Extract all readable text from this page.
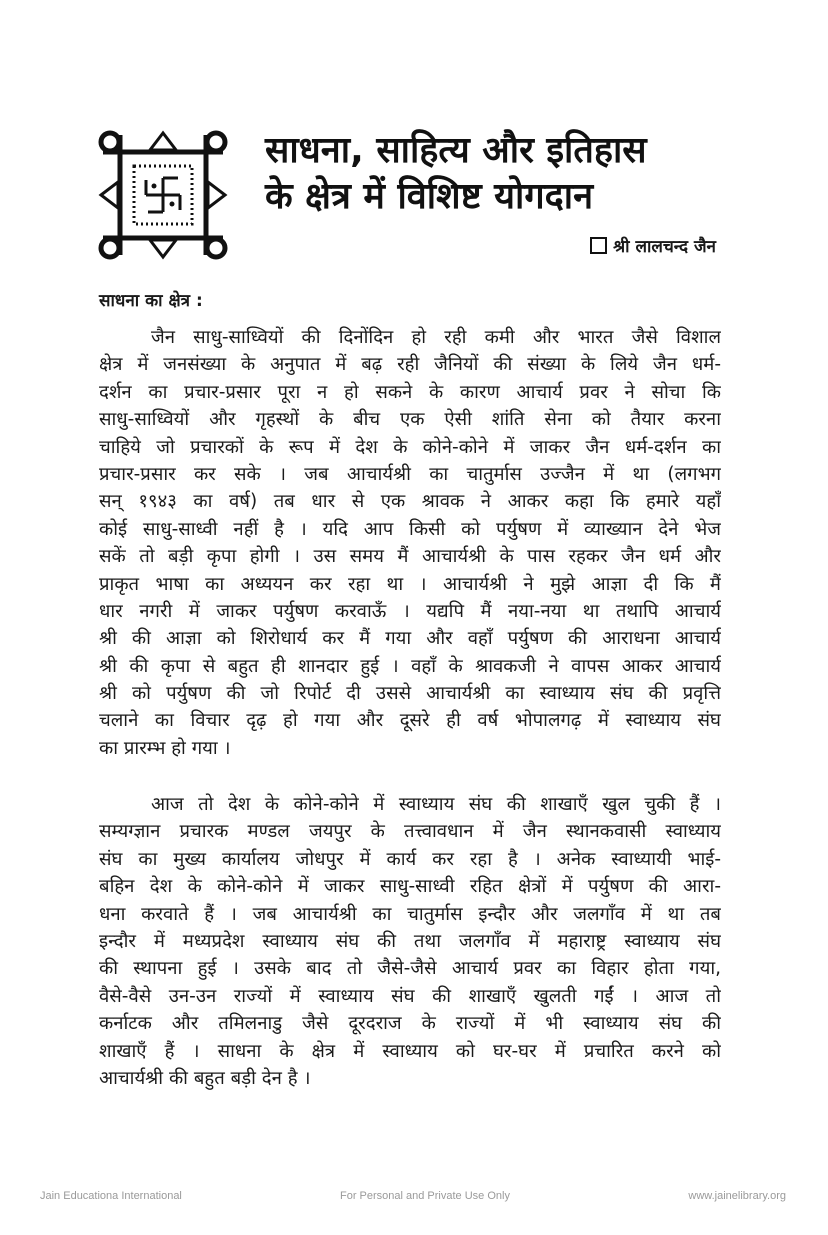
साधना, साहित्य और इतिहास
के क्षेत्र में विशिष्ट योगदान
श्री लालचन्द जैन
साधना का क्षेत्र :
जैन साधु-साध्वियों की दिनोंदिन हो रही कमी और भारत जैसे विशाल
क्षेत्र में जनसंख्या के अनुपात में बढ़ रही जैनियों की संख्या के लिये जैन धर्म-
दर्शन का प्रचार-प्रसार पूरा न हो सकने के कारण आचार्य प्रवर ने सोचा कि
साधु-साध्वियों और गृहस्थों के बीच एक ऐसी शांति सेना को तैयार करना
चाहिये जो प्रचारकों के रूप में देश के कोने-कोने में जाकर जैन धर्म-दर्शन का
प्रचार-प्रसार कर सके । जब आचार्यश्री का चातुर्मास उज्जैन में था (लगभग
सन् १९४३ का वर्ष) तब धार से एक श्रावक ने आकर कहा कि हमारे यहाँ
कोई साधु-साध्वी नहीं है । यदि आप किसी को पर्युषण में व्याख्यान देने भेज
सकें तो बड़ी कृपा होगी । उस समय मैं आचार्यश्री के पास रहकर जैन धर्म और
प्राकृत भाषा का अध्ययन कर रहा था । आचार्यश्री ने मुझे आज्ञा दी कि मैं
धार नगरी में जाकर पर्युषण करवाऊँ । यद्यपि मैं नया-नया था तथापि आचार्य
श्री की आज्ञा को शिरोधार्य कर मैं गया और वहाँ पर्युषण की आराधना आचार्य
श्री की कृपा से बहुत ही शानदार हुई । वहाँ के श्रावकजी ने वापस आकर आचार्य
श्री को पर्युषण की जो रिपोर्ट दी उससे आचार्यश्री का स्वाध्याय संघ की प्रवृत्ति
चलाने का विचार दृढ़ हो गया और दूसरे ही वर्ष भोपालगढ़ में स्वाध्याय संघ
का प्रारम्भ हो गया ।
आज तो देश के कोने-कोने में स्वाध्याय संघ की शाखाएँ खुल चुकी हैं ।
सम्यग्ज्ञान प्रचारक मण्डल जयपुर के तत्त्वावधान में जैन स्थानकवासी स्वाध्याय
संघ का मुख्य कार्यालय जोधपुर में कार्य कर रहा है । अनेक स्वाध्यायी भाई-
बहिन देश के कोने-कोने में जाकर साधु-साध्वी रहित क्षेत्रों में पर्युषण की आरा-
धना करवाते हैं । जब आचार्यश्री का चातुर्मास इन्दौर और जलगाँव में था तब
इन्दौर में मध्यप्रदेश स्वाध्याय संघ की तथा जलगाँव में महाराष्ट्र स्वाध्याय संघ
की स्थापना हुई । उसके बाद तो जैसे-जैसे आचार्य प्रवर का विहार होता गया,
वैसे-वैसे उन-उन राज्यों में स्वाध्याय संघ की शाखाएँ खुलती गईं । आज तो
कर्नाटक और तमिलनाडु जैसे दूरदराज के राज्यों में भी स्वाध्याय संघ की
शाखाएँ हैं । साधना के क्षेत्र में स्वाध्याय को घर-घर में प्रचारित करने को
आचार्यश्री की बहुत बड़ी देन है ।
Jain Educationa International	For Personal and Private Use Only	www.jainelibrary.org
